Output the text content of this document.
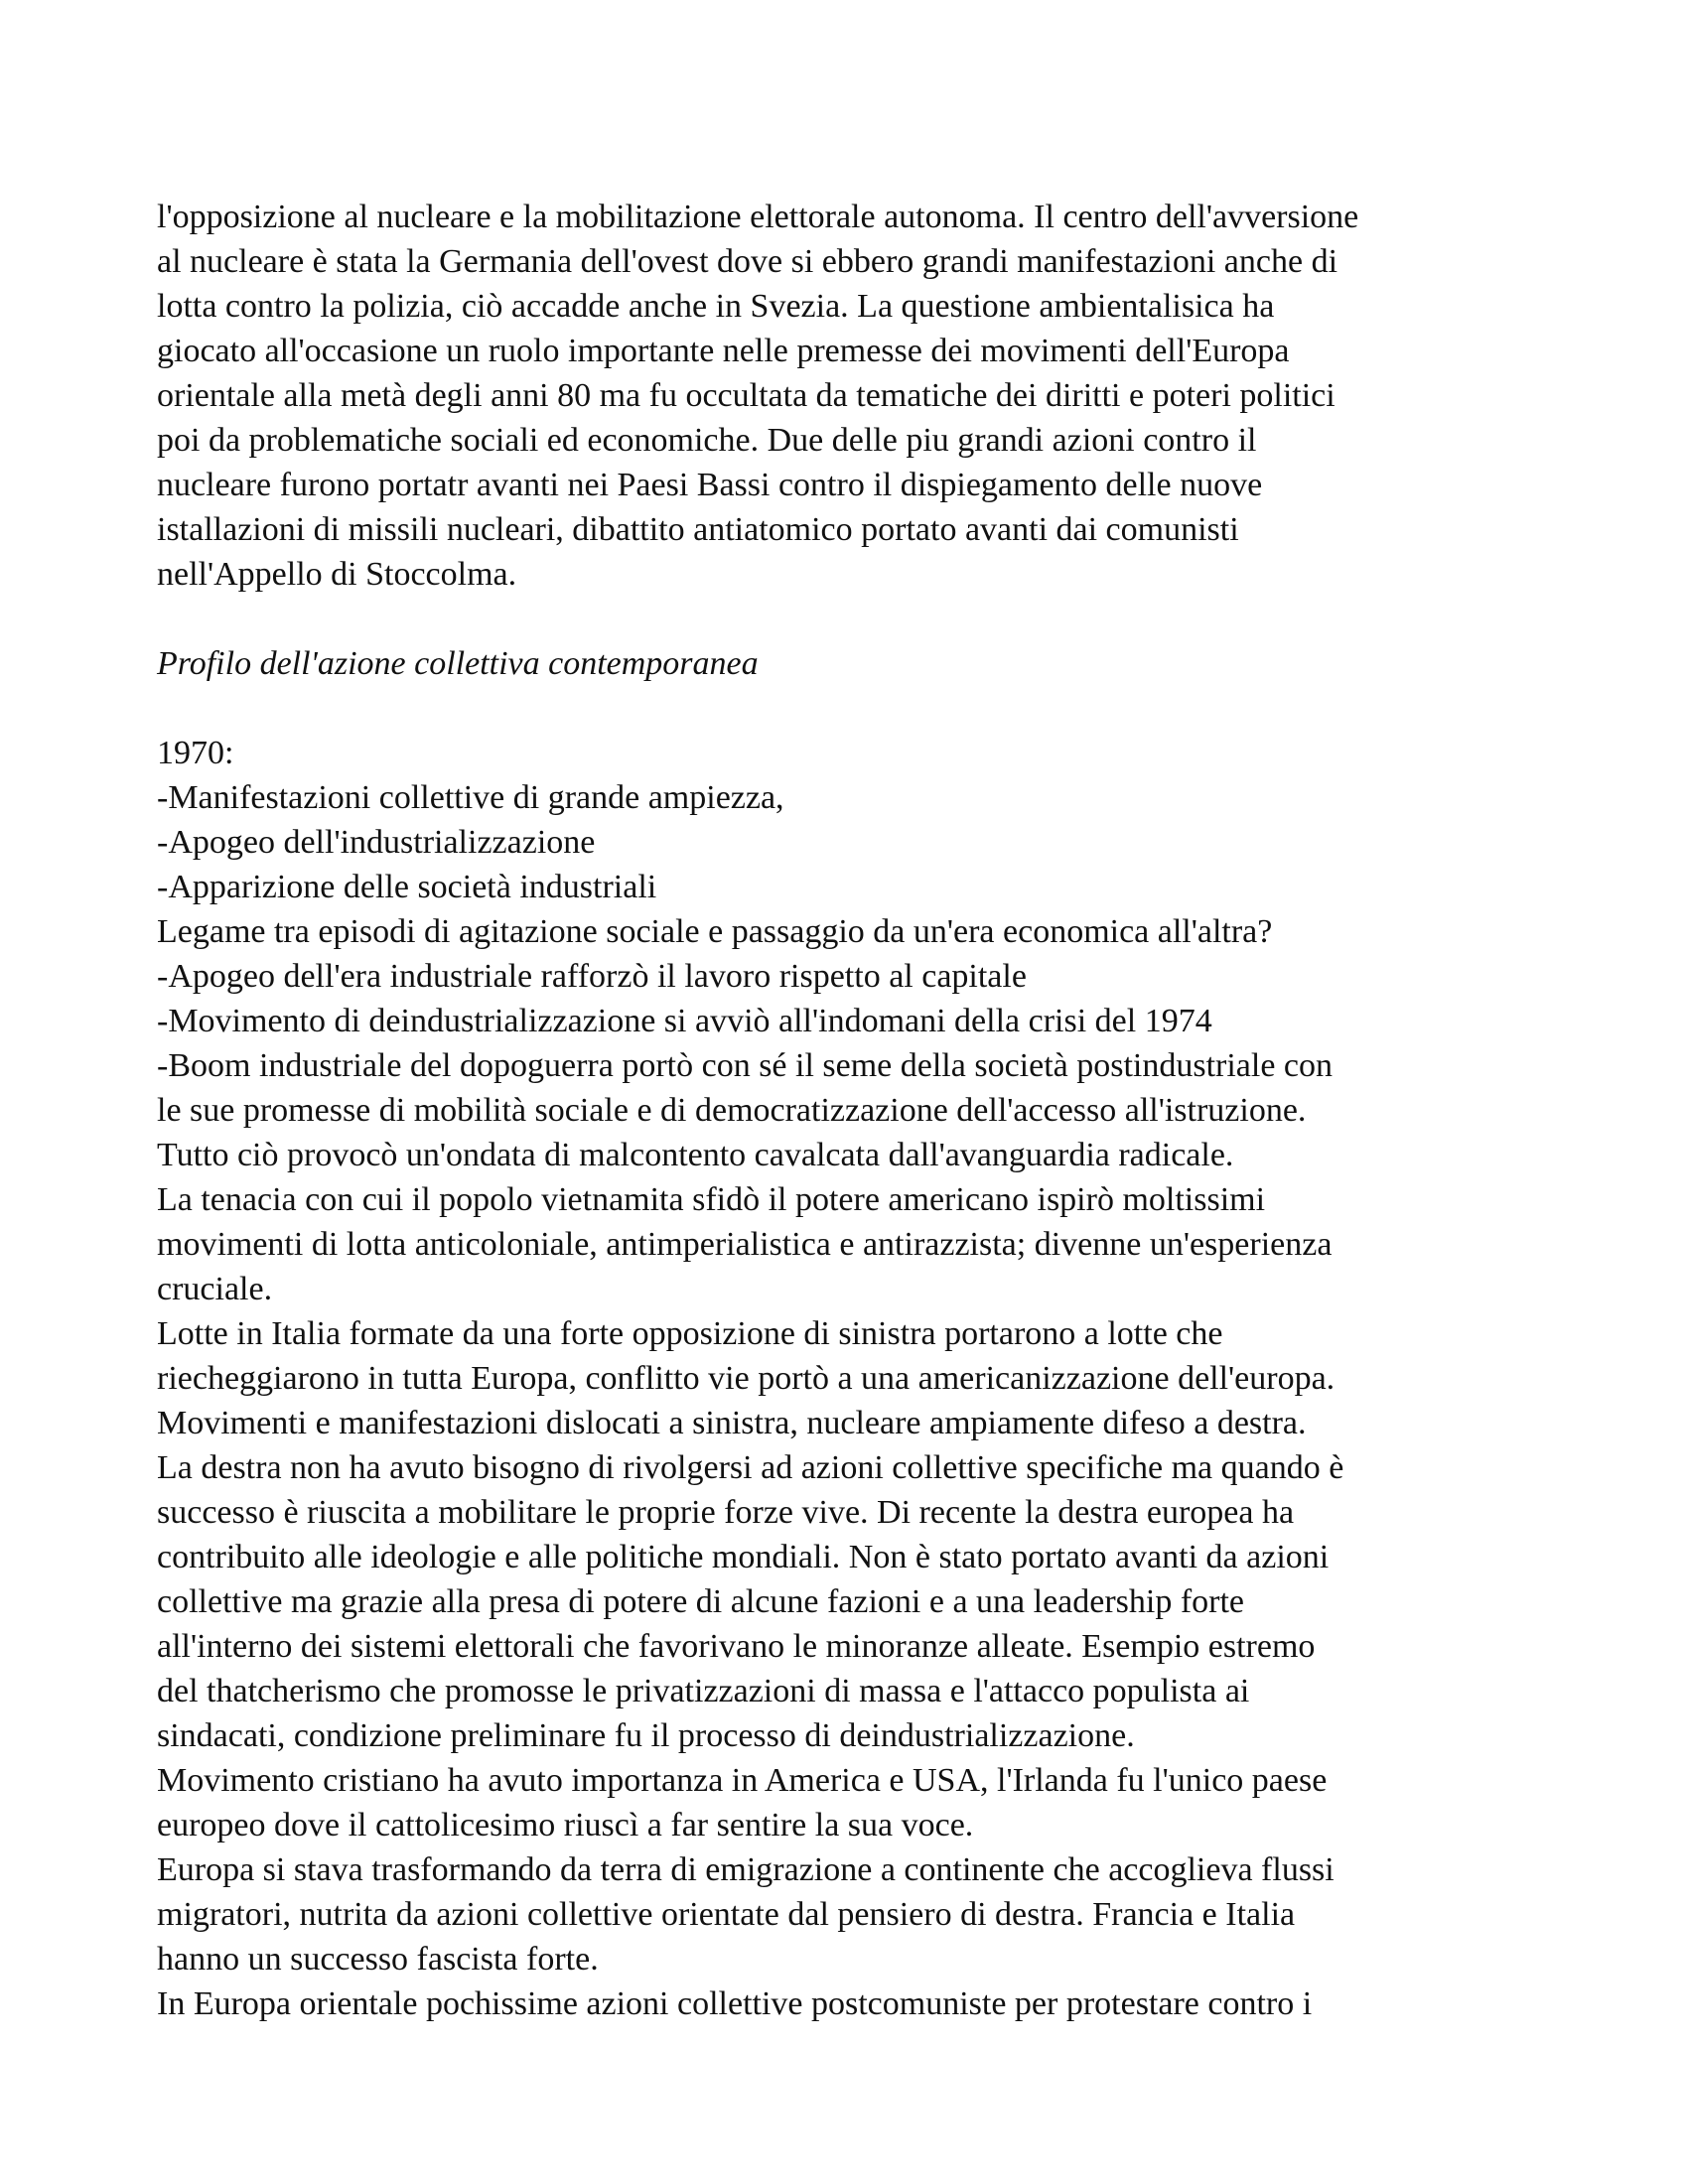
l'opposizione al nucleare e la mobilitazione elettorale autonoma. Il centro dell'avversione
al nucleare è stata la Germania dell'ovest dove si ebbero grandi manifestazioni anche di
lotta contro la polizia, ciò accadde anche in Svezia. La questione ambientalisica ha
giocato all'occasione un ruolo importante nelle premesse dei movimenti dell'Europa
orientale alla metà degli anni 80 ma fu occultata da tematiche dei diritti e poteri politici
poi da problematiche sociali ed economiche. Due delle piu grandi azioni contro il
nucleare furono portatr avanti nei Paesi Bassi contro il dispiegamento delle nuove
istallazioni di missili nucleari, dibattito antiatomico portato avanti dai comunisti
nell'Appello di Stoccolma.
Profilo dell'azione collettiva contemporanea
1970:
-Manifestazioni collettive di grande ampiezza,
-Apogeo dell'industrializzazione
-Apparizione delle società industriali
Legame tra episodi di agitazione sociale e passaggio da un'era economica all'altra?
-Apogeo dell'era industriale rafforzò il lavoro rispetto al capitale
-Movimento di deindustrializzazione si avviò all'indomani della crisi del 1974
-Boom industriale del dopoguerra portò con sé il seme della società postindustriale con
le sue promesse di mobilità sociale e di democratizzazione dell'accesso all'istruzione.
Tutto ciò provocò un'ondata di malcontento cavalcata dall'avanguardia radicale.
La tenacia con cui il popolo vietnamita sfidò il potere americano ispirò moltissimi
movimenti di lotta anticoloniale, antimperialistica e antirazzista; divenne un'esperienza
cruciale.
Lotte in Italia formate da una forte opposizione di sinistra portarono a lotte che
riecheggiarono in tutta Europa, conflitto vie portò a una americanizzazione dell'europa.
Movimenti e manifestazioni dislocati a sinistra, nucleare ampiamente difeso a destra.
La destra non ha avuto bisogno di rivolgersi ad azioni collettive specifiche ma quando è
successo è riuscita a mobilitare le proprie forze vive. Di recente la destra europea ha
contribuito alle ideologie e alle politiche mondiali. Non è stato portato avanti da azioni
collettive ma grazie alla presa di potere di alcune fazioni e a una leadership forte
all'interno dei sistemi elettorali che favorivano le minoranze alleate. Esempio estremo
del thatcherismo che promosse le privatizzazioni di massa e l'attacco populista ai
sindacati, condizione preliminare fu il processo di deindustrializzazione.
Movimento cristiano ha avuto importanza in America e USA, l'Irlanda fu l'unico paese
europeo dove il cattolicesimo riuscì a far sentire la sua voce.
Europa si stava trasformando da terra di emigrazione a continente che accoglieva flussi
migratori, nutrita da azioni collettive orientate dal pensiero di destra. Francia e Italia
hanno un successo fascista forte.
In Europa orientale pochissime azioni collettive postcomuniste per protestare contro i
